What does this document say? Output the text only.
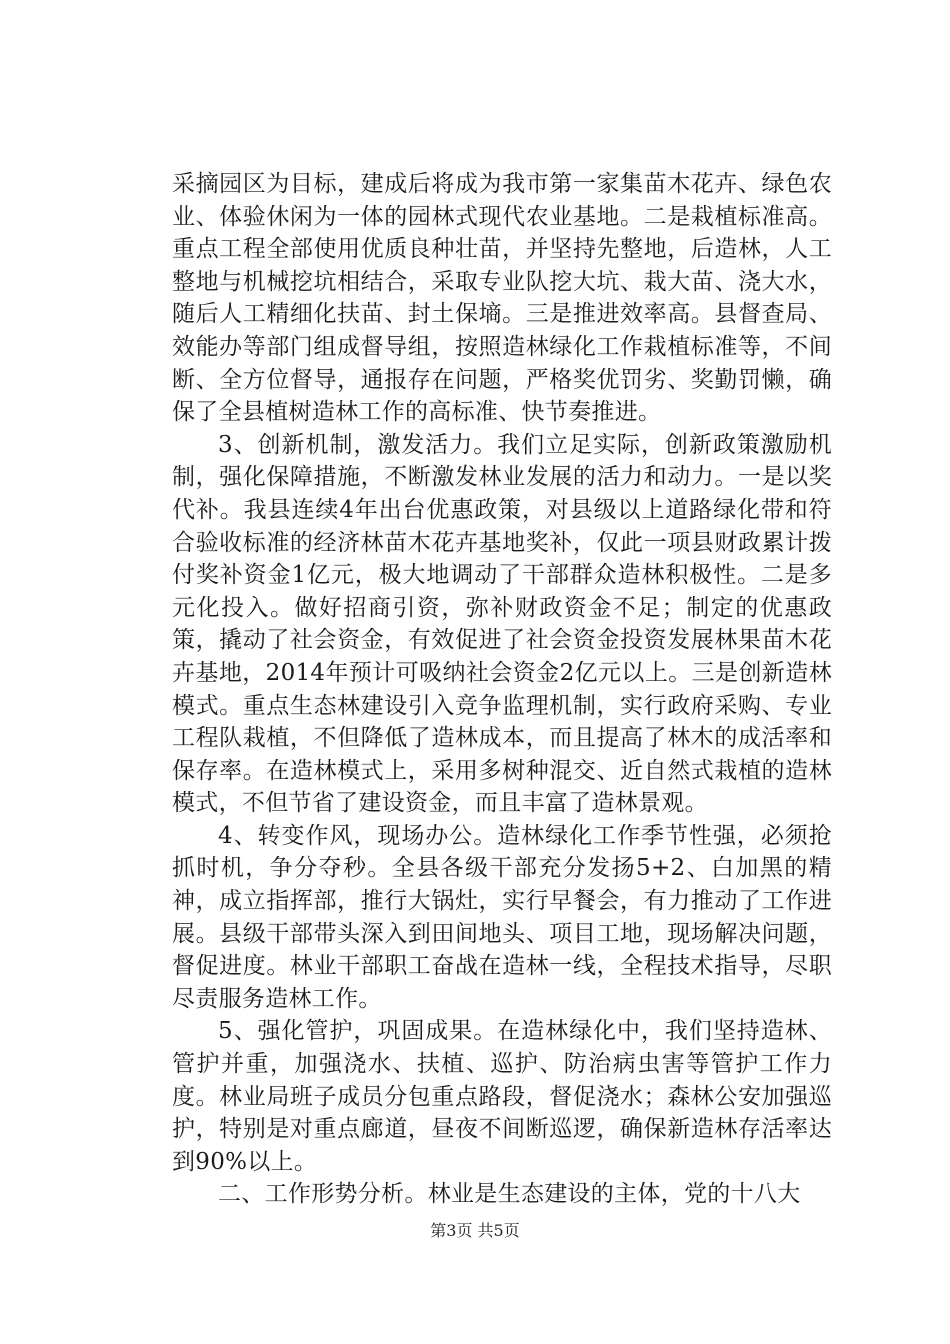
采摘园区为目标，建成后将成为我市第一家集苗木花卉、绿色农业、体验休闲为一体的园林式现代农业基地。二是栽植标准高。重点工程全部使用优质良种壮苗，并坚持先整地，后造林，人工整地与机械挖坑相结合，采取专业队挖大坑、栽大苗、浇大水，随后人工精细化扶苗、封土保墒。三是推进效率高。县督查局、效能办等部门组成督导组，按照造林绿化工作栽植标准等，不间断、全方位督导，通报存在问题，严格奖优罚劣、奖勤罚懒，确保了全县植树造林工作的高标准、快节奏推进。

3、创新机制，激发活力。我们立足实际，创新政策激励机制，强化保障措施，不断激发林业发展的活力和动力。一是以奖代补。我县连续4年出台优惠政策，对县级以上道路绿化带和符合验收标准的经济林苗木花卉基地奖补，仅此一项县财政累计拨付奖补资金1亿元，极大地调动了干部群众造林积极性。二是多元化投入。做好招商引资，弥补财政资金不足；制定的优惠政策，撬动了社会资金，有效促进了社会资金投资发展林果苗木花卉基地，2014年预计可吸纳社会资金2亿元以上。三是创新造林模式。重点生态林建设引入竞争监理机制，实行政府采购、专业工程队栽植，不但降低了造林成本，而且提高了林木的成活率和保存率。在造林模式上，采用多树种混交、近自然式栽植的造林模式，不但节省了建设资金，而且丰富了造林景观。

4、转变作风，现场办公。造林绿化工作季节性强，必须抢抓时机，争分夺秒。全县各级干部充分发扬5+2、白加黑的精神，成立指挥部，推行大锅灶，实行早餐会，有力推动了工作进展。县级干部带头深入到田间地头、项目工地，现场解决问题，督促进度。林业干部职工奋战在造林一线，全程技术指导，尽职尽责服务造林工作。

5、强化管护，巩固成果。在造林绿化中，我们坚持造林、管护并重，加强浇水、扶植、巡护、防治病虫害等管护工作力度。林业局班子成员分包重点路段，督促浇水；森林公安加强巡护，特别是对重点廊道，昼夜不间断巡逻，确保新造林存活率达到90%以上。

二、工作形势分析。林业是生态建设的主体，党的十八大

第3页 共5页
